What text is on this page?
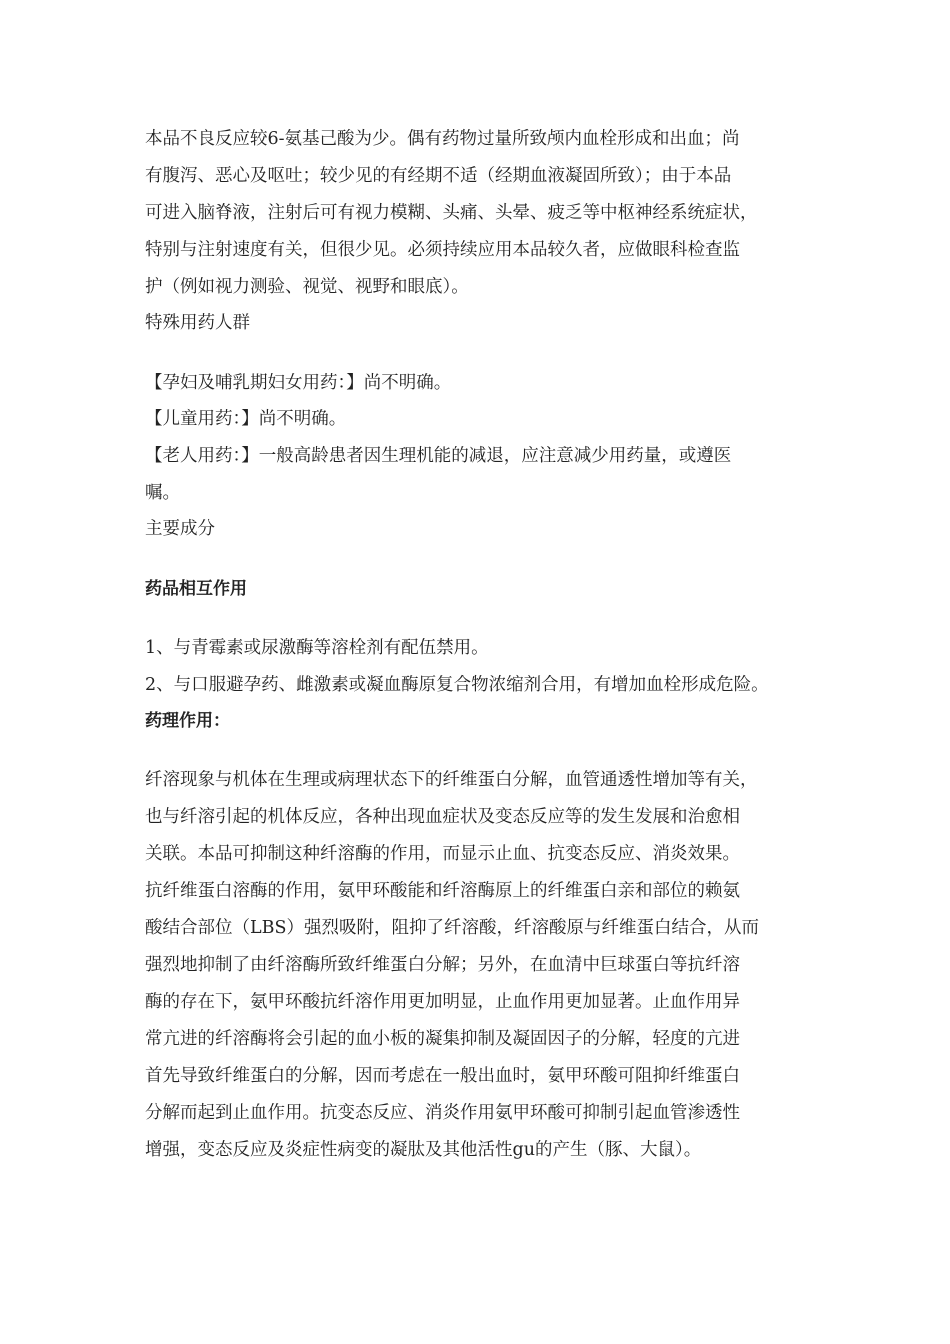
本品不良反应较6-氨基己酸为少。偶有药物过量所致颅内血栓形成和出血；尚
有腹泻、恶心及呕吐；较少见的有经期不适（经期血液凝固所致）；由于本品
可进入脑脊液，注射后可有视力模糊、头痛、头晕、疲乏等中枢神经系统症状，
特别与注射速度有关，但很少见。必须持续应用本品较久者，应做眼科检查监
护（例如视力测验、视觉、视野和眼底）。
特殊用药人群
【孕妇及哺乳期妇女用药：】尚不明确。
【儿童用药：】尚不明确。
【老人用药：】一般高龄患者因生理机能的减退，应注意减少用药量，或遵医
嘱。
主要成分
药品相互作用
1、与青霉素或尿激酶等溶栓剂有配伍禁用。
2、与口服避孕药、雌激素或凝血酶原复合物浓缩剂合用，有增加血栓形成危险。
药理作用：
纤溶现象与机体在生理或病理状态下的纤维蛋白分解，血管通透性增加等有关，
也与纤溶引起的机体反应，各种出现血症状及变态反应等的发生发展和治愈相
关联。本品可抑制这种纤溶酶的作用，而显示止血、抗变态反应、消炎效果。
抗纤维蛋白溶酶的作用，氨甲环酸能和纤溶酶原上的纤维蛋白亲和部位的赖氨
酸结合部位（LBS）强烈吸附，阻抑了纤溶酸，纤溶酸原与纤维蛋白结合，从而
强烈地抑制了由纤溶酶所致纤维蛋白分解；另外，在血清中巨球蛋白等抗纤溶
酶的存在下，氨甲环酸抗纤溶作用更加明显，止血作用更加显著。止血作用异
常亢进的纤溶酶将会引起的血小板的凝集抑制及凝固因子的分解，轻度的亢进
首先导致纤维蛋白的分解，因而考虑在一般出血时，氨甲环酸可阻抑纤维蛋白
分解而起到止血作用。抗变态反应、消炎作用氨甲环酸可抑制引起血管渗透性
增强，变态反应及炎症性病变的凝肽及其他活性gu的产生（豚、大鼠）。
